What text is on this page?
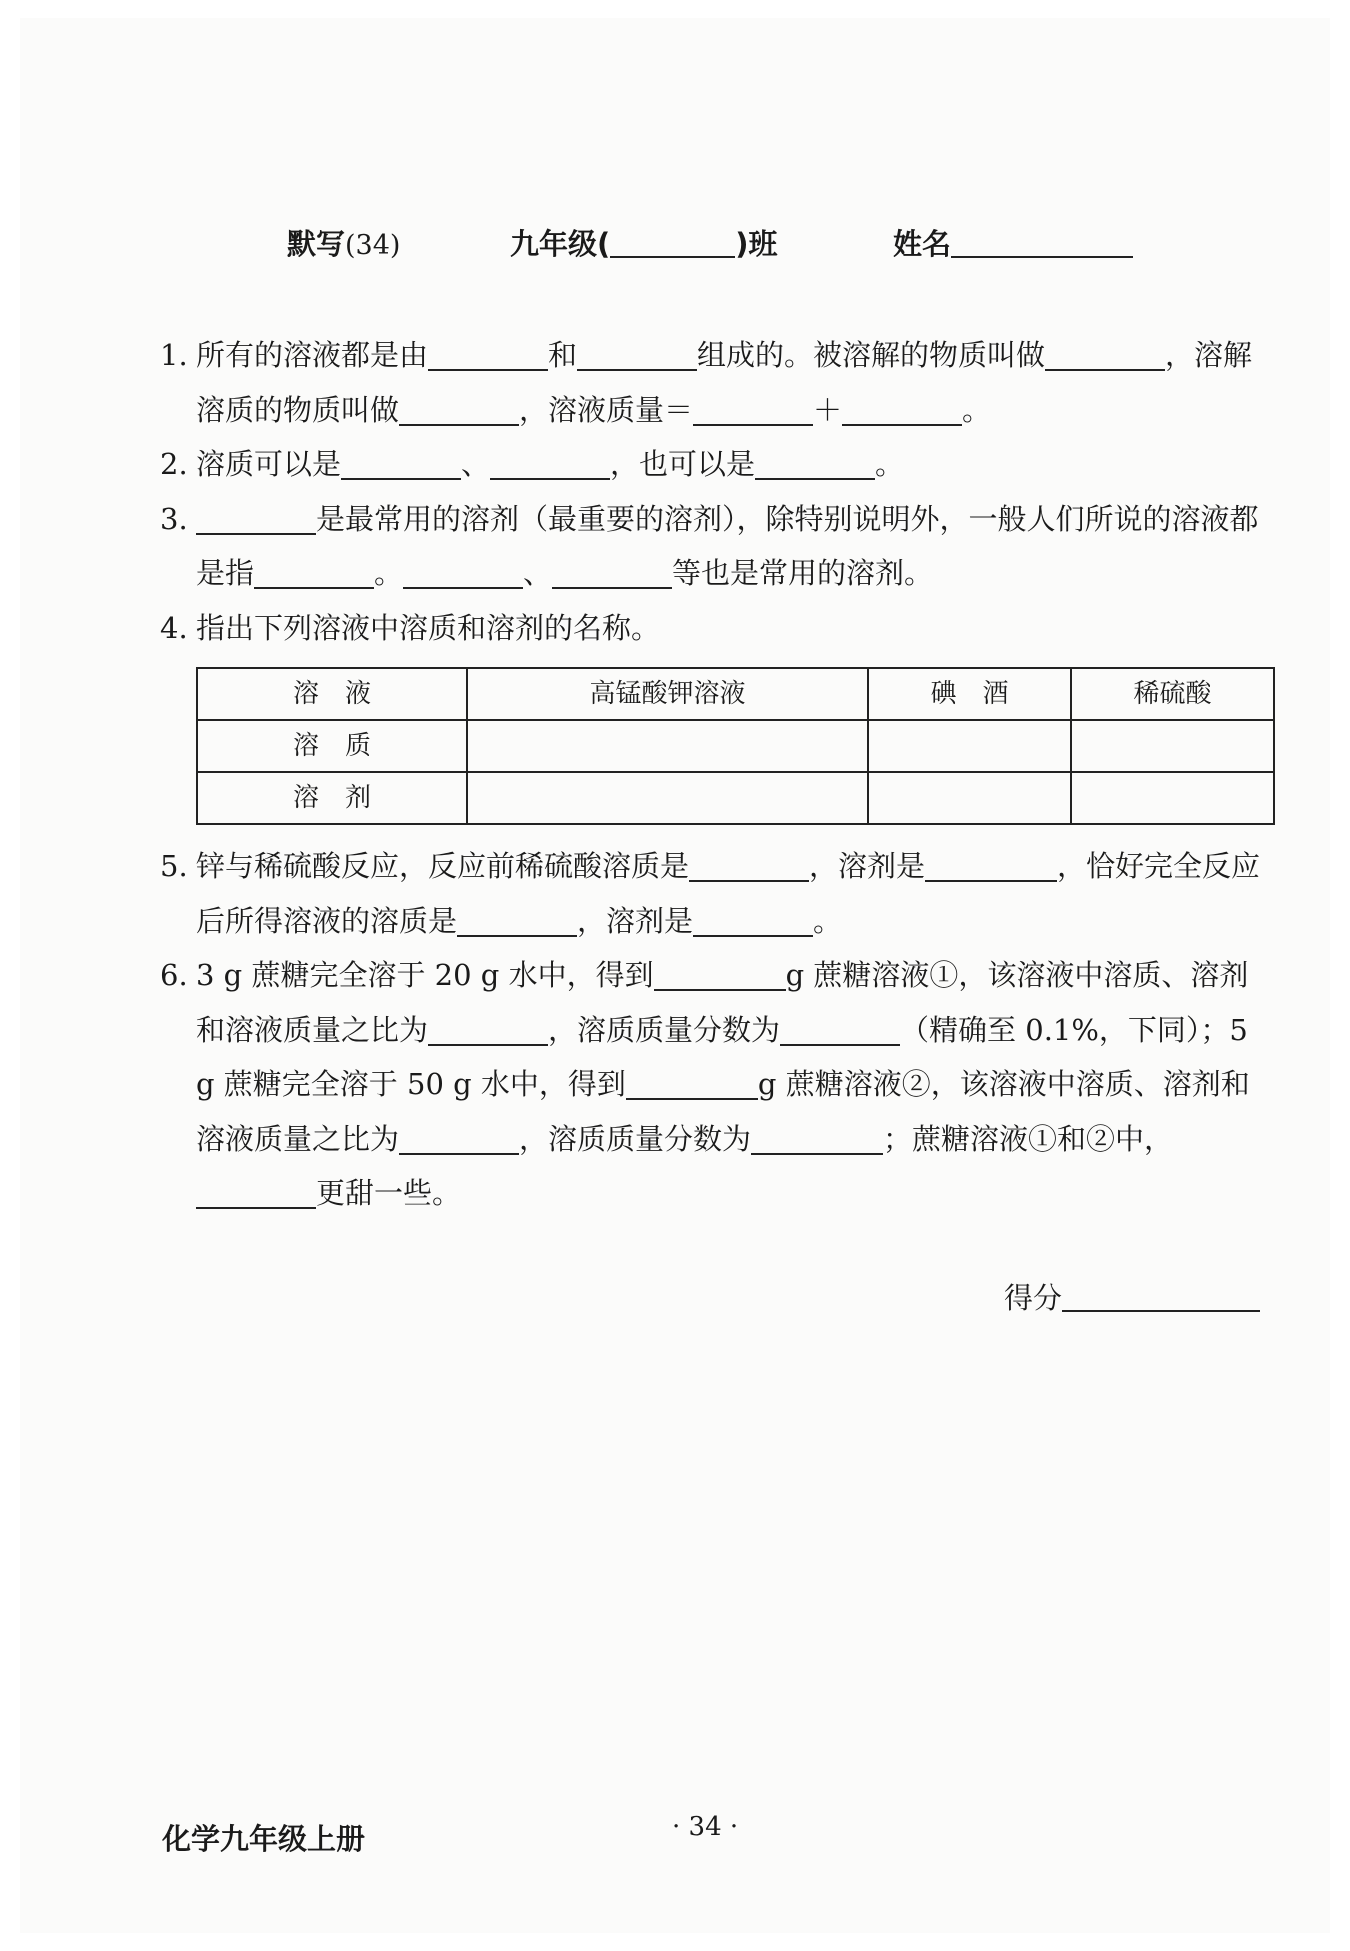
默写(34)	九年级(	)班	姓名
1. 所有的溶液都是由	和	组成的。被溶解的物质叫做	，溶解溶质的物质叫做	，溶液质量＝	＋	。
2. 溶质可以是	、	，也可以是	。
3.	是最常用的溶剂（最重要的溶剂），除特别说明外，一般人们所说的溶液都是指	。	、	等也是常用的溶剂。
4. 指出下列溶液中溶质和溶剂的名称。
溶　液	高锰酸钾溶液	碘　酒	稀硫酸
溶　质			
溶　剂			
5. 锌与稀硫酸反应，反应前稀硫酸溶质是	，溶剂是	，恰好完全反应后所得溶液的溶质是	，溶剂是	。
6. 3 g 蔗糖完全溶于 20 g 水中，得到	g 蔗糖溶液①，该溶液中溶质、溶剂和溶液质量之比为	，溶质质量分数为	（精确至 0.1%，下同）；5 g 蔗糖完全溶于 50 g 水中，得到	g 蔗糖溶液②，该溶液中溶质、溶剂和溶液质量之比为	，溶质质量分数为	；蔗糖溶液①和②中，更甜一些。
得分
化学九年级上册	· 34 ·
